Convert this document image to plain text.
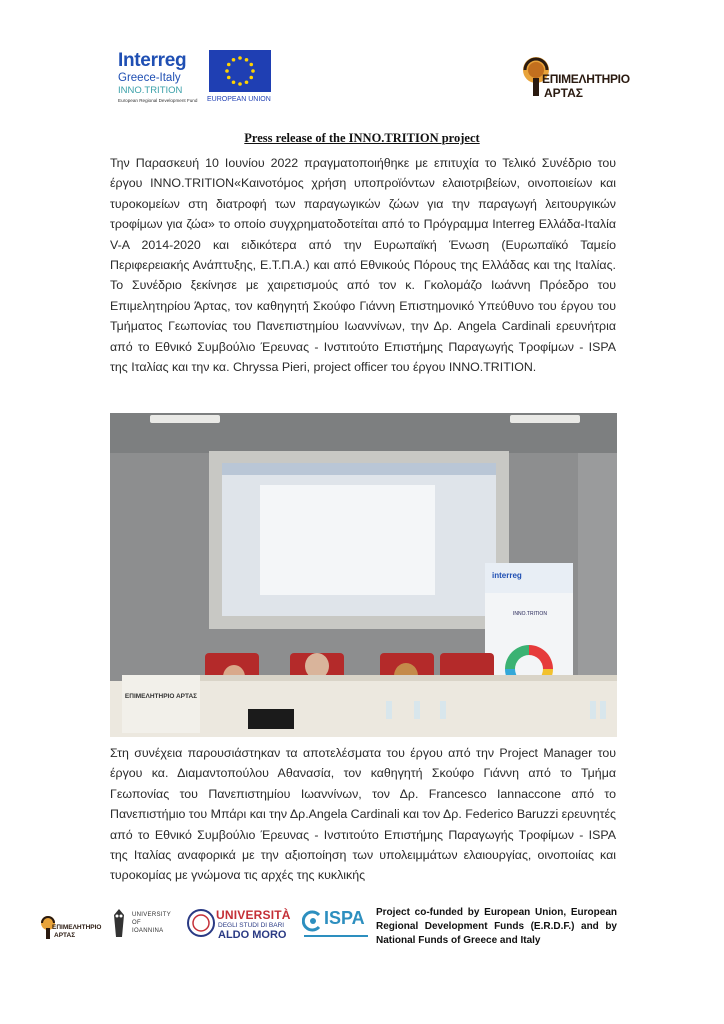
Interreg
Greece-Italy
INNO.TRITION
European Regional Development Fund EUROPEAN UNION
ΕΠΙΜΕΛΗΤΗΡΙΟ
ΑΡΤΑΣ
Press release of the INNO.TRITION project

Την Παρασκευή 10 Ιουνίου 2022 πραγματοποιήθηκε με επιτυχία το Τελικό Συνέδριο του έργου INNO.TRITION«Καινοτόμος χρήση υποπροϊόντων ελαιοτριβείων, οινοποιείων και τυροκομείων στη διατροφή των παραγωγικών ζώων για την παραγωγή λειτουργικών τροφίμων για ζώα» το οποίο συγχρηματοδοτείται από το Πρόγραμμα Interreg Ελλάδα-Ιταλία V-A 2014-2020 και ειδικότερα από την Ευρωπαϊκή Ένωση (Ευρωπαϊκό Ταμείο Περιφερειακής Ανάπτυξης, Ε.Τ.Π.Α.) και από Εθνικούς Πόρους της Ελλάδας και της Ιταλίας. Το Συνέδριο ξεκίνησε με χαιρετισμούς από τον κ. Γκολομάζο Ιωάννη Πρόεδρο του Επιμελητηρίου Άρτας, τον καθηγητή Σκούφο Γιάννη Επιστημονικό Υπεύθυνο του έργου του Τμήματος Γεωπονίας του Πανεπιστημίου Ιωαννίνων, την Δρ. Angela Cardinali ερευνήτρια από το Εθνικό Συμβούλιο Έρευνας - Ινστιτούτο Επιστήμης Παραγωγής Τροφίμων - ISPA της Ιταλίας και την κα. Chryssa Pieri, project officer του έργου INNO.TRITION.

interreg
INNO.TRITION
ΕΠΙΜΕΛΗΤΗΡΙΟ ΑΡΤΑΣ

Στη συνέχεια παρουσιάστηκαν τα αποτελέσματα του έργου από την Project Manager του έργου κα. Διαμαντοπούλου Αθανασία, τον καθηγητή Σκούφο Γιάννη από το Τμήμα Γεωπονίας του Πανεπιστημίου Ιωαννίνων, τον Δρ. Francesco Iannaccone από το Πανεπιστήμιο του Μπάρι και την Δρ.Angela Cardinali και τον Δρ. Federico Baruzzi ερευνητές από το Εθνικό Συμβούλιο Έρευνας - Ινστιτούτο Επιστήμης Παραγωγής Τροφίμων - ISPA της Ιταλίας αναφορικά με την αξιοποίηση των υπολειμμάτων ελαιουργίας, οινοποιίας και τυροκομίας με γνώμονα τις αρχές της κυκλικής

ΕΠΙΜΕΛΗΤΗΡΙΟ
ΑΡΤΑΣ
UNIVERSITY OF IOANNINA
UNIVERSITÀ
DEGLI STUDI DI BARI
ALDO MORO
ISPA Project co-funded by European Union, European Regional Development Funds (E.R.D.F.) and by National Funds of Greece and Italy
